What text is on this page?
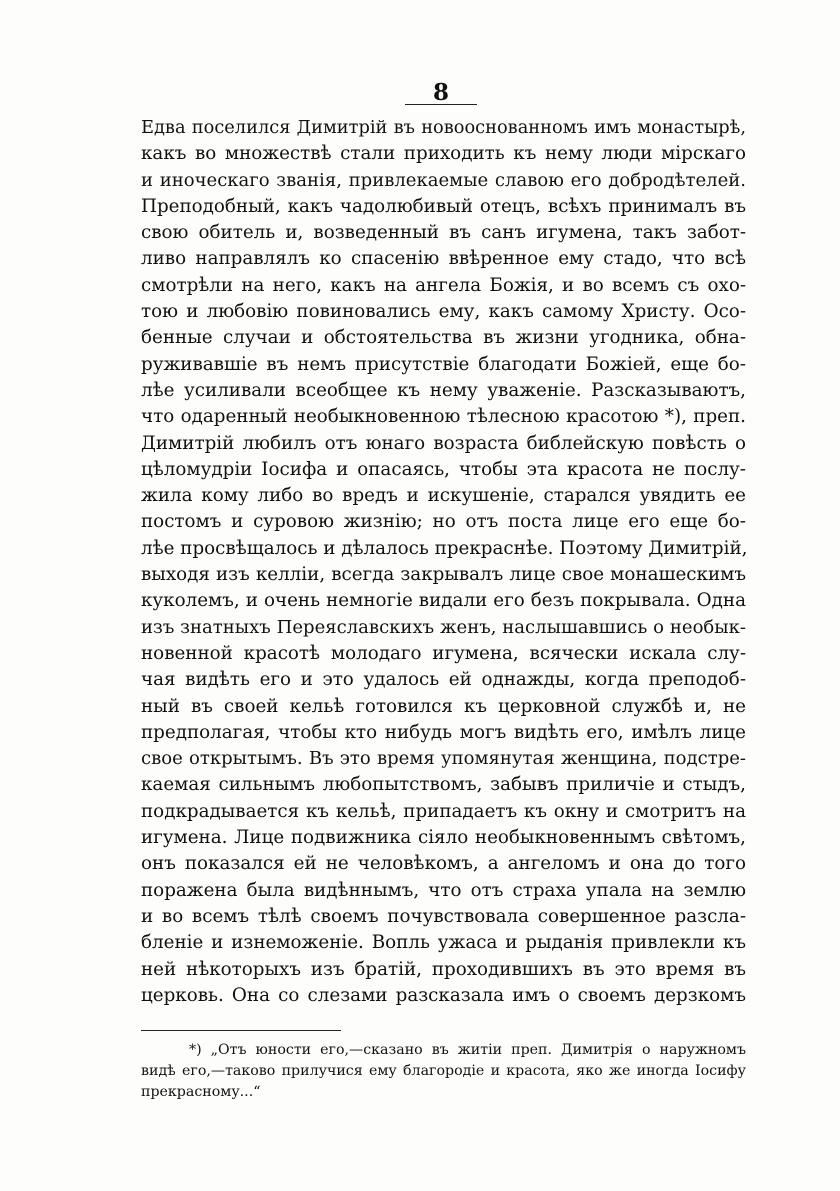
8
Едва поселился Димитрій въ новооснованномъ имъ монастырѣ,
какъ во множествѣ стали приходить къ нему люди мірскаго
и иноческаго званія, привлекаемые славою его добродѣтелей.
Преподобный, какъ чадолюбивый отецъ, всѣхъ принималъ въ
свою обитель и, возведенный въ санъ игумена, такъ забот-
ливо направлялъ ко спасенію ввѣренное ему стадо, что всѣ
смотрѣли на него, какъ на ангела Божія, и во всемъ съ охо-
тою и любовію повиновались ему, какъ самому Христу. Осо-
бенные случаи и обстоятельства въ жизни угодника, обна-
руживавшіе въ немъ присутствіе благодати Божіей, еще бо-
лѣе усиливали всеобщее къ нему уваженіе. Разсказываютъ,
что одаренный необыкновенною тѣлесною красотою *), преп.
Димитрій любилъ отъ юнаго возраста библейскую повѣсть о
цѣломудріи Іосифа и опасаясь, чтобы эта красота не послу-
жила кому либо во вредъ и искушеніе, старался увядить ее
постомъ и суровою жизнію; но отъ поста лице его еще бо-
лѣе просвѣщалось и дѣлалось прекраснѣе. Поэтому Димитрій,
выходя изъ келліи, всегда закрывалъ лице свое монашескимъ
куколемъ, и очень немногіе видали его безъ покрывала. Одна
изъ знатныхъ Переяславскихъ женъ, наслышавшись о необык-
новенной красотѣ молодаго игумена, всячески искала слу-
чая видѣть его и это удалось ей однажды, когда преподоб-
ный въ своей кельѣ готовился къ церковной службѣ и, не
предполагая, чтобы кто нибудь могъ видѣть его, имѣлъ лице
свое открытымъ. Въ это время упомянутая женщина, подстре-
каемая сильнымъ любопытствомъ, забывъ приличіе и стыдъ,
подкрадывается къ кельѣ, припадаетъ къ окну и смотритъ на
игумена. Лице подвижника сіяло необыкновеннымъ свѣтомъ,
онъ показался ей не человѣкомъ, а ангеломъ и она до того
поражена была видѣннымъ, что отъ страха упала на землю
и во всемъ тѣлѣ своемъ почувствовала совершенное разсла-
бленіе и изнеможеніе. Вопль ужаса и рыданія привлекли къ
ней нѣкоторыхъ изъ братій, проходившихъ въ это время въ
церковь. Она со слезами разсказала имъ о своемъ дерзкомъ
*) „Отъ юности его,—сказано въ житіи преп. Димитрія о наружномъ
видѣ его,—таково прилучися ему благородіе и красота, яко же иногда Іосифу
прекрасному...“
